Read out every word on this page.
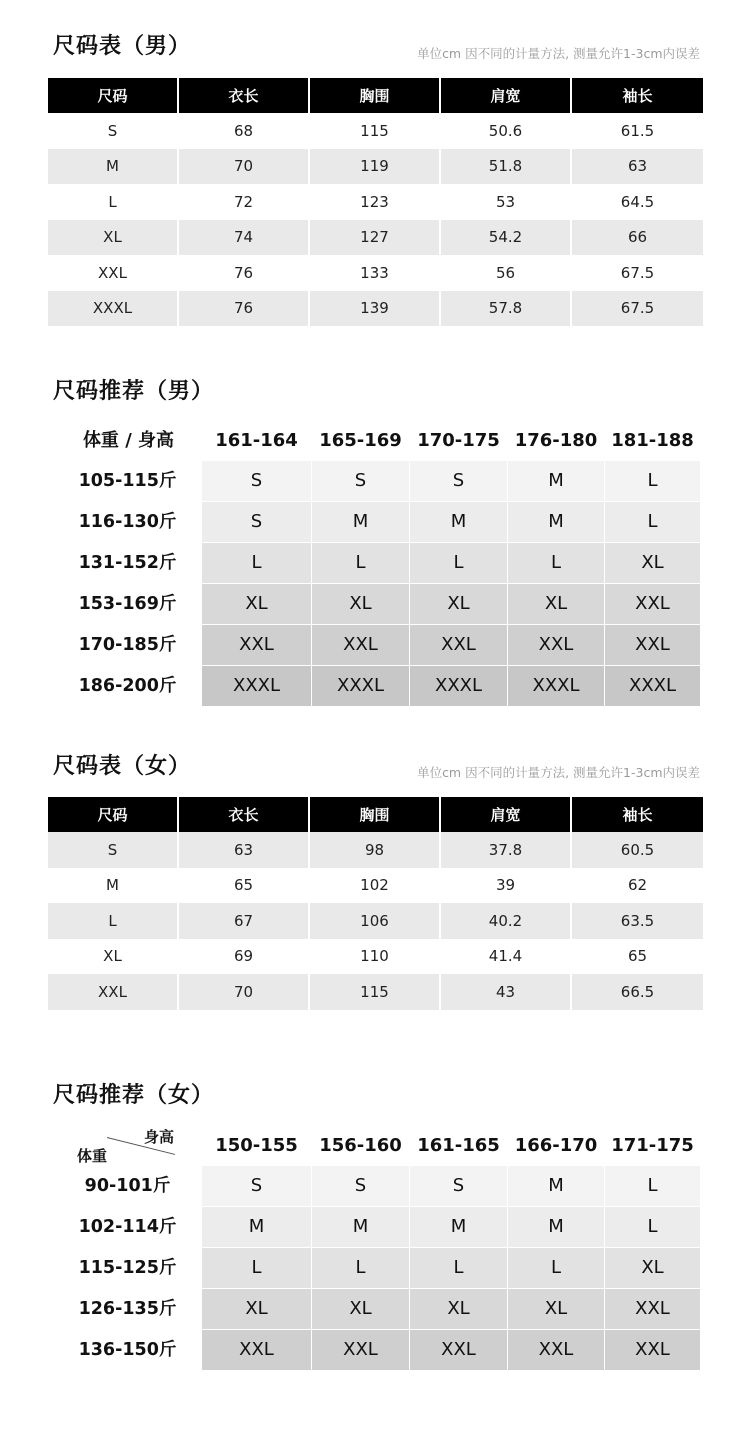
尺码表（男）	单位cm 因不同的计量方法, 测量允许1-3cm内误差
尺码	衣长	胸围	肩宽	袖长
S	68	115	50.6	61.5
M	70	119	51.8	63
L	72	123	53	64.5
XL	74	127	54.2	66
XXL	76	133	56	67.5
XXXL	76	139	57.8	67.5
尺码推荐（男）
体重 / 身高	161-164	165-169 170-175 176-180 181-188
105-115斤	S	S	S	M	L
116-130斤	S	M	M	M	L
131-152斤	L	L	L	L	XL
153-169斤	XL	XL	XL	XL	XXL
170-185斤	XXL	XXL	XXL	XXL	XXL
186-200斤	XXXL	XXXL	XXXL	XXXL	XXXL
尺码表（女）	单位cm 因不同的计量方法, 测量允许1-3cm内误差
尺码	衣长	胸围	肩宽	袖长
S	63	98	37.8	60.5
M	65	102	39	62
L	67	106	40.2	63.5
XL	69	110	41.4	65
XXL	70	115	43	66.5
尺码推荐（女）
身高
体重	150-155	156-160 161-165 166-170 171-175
90-101斤	S	S	S	M	L
102-114斤	M	M	M	M	L
115-125斤	L	L	L	L	XL
126-135斤	XL	XL	XL	XL	XXL
136-150斤	XXL	XXL	XXL	XXL	XXL
